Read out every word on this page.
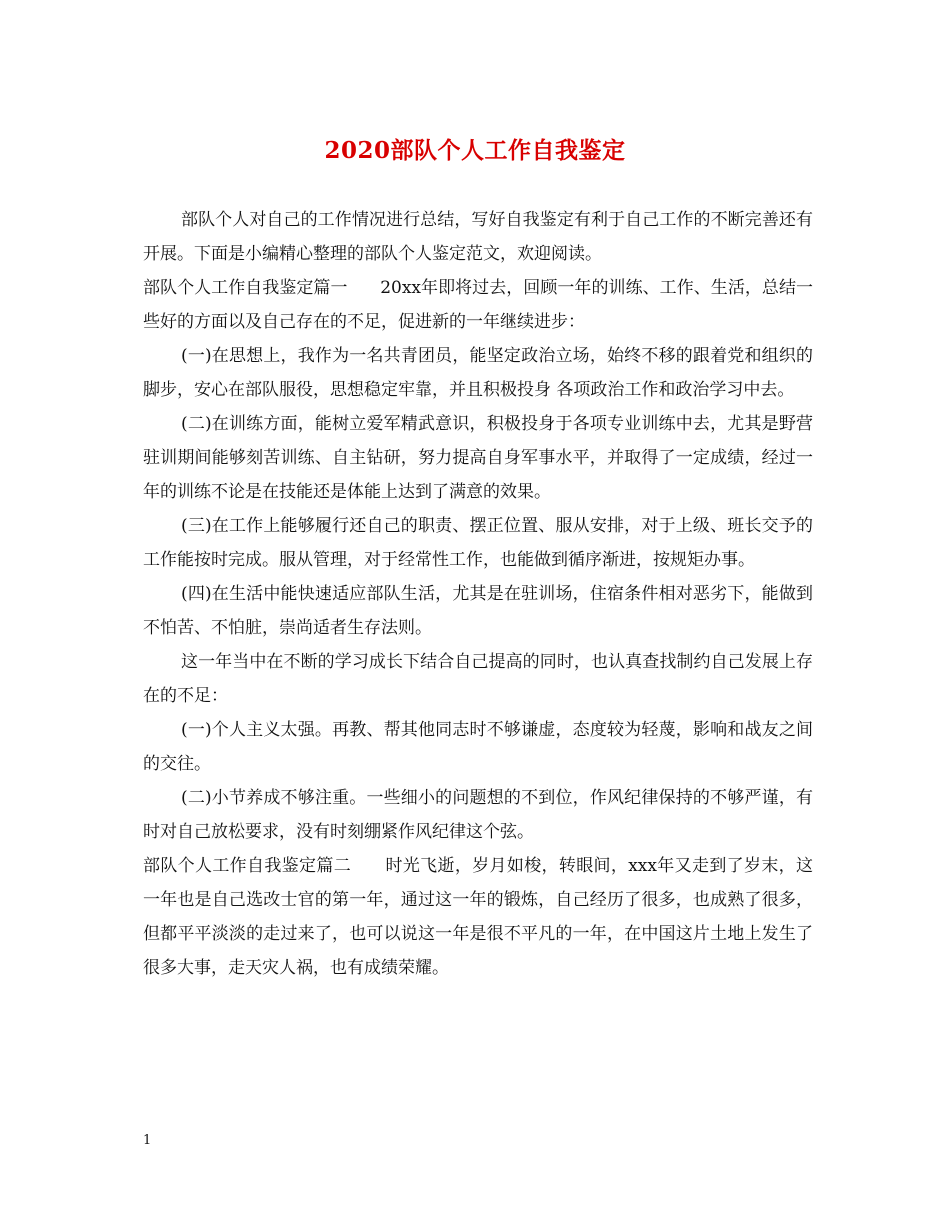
2020部队个人工作自我鉴定

部队个人对自己的工作情况进行总结，写好自我鉴定有利于自己工作的不断完善还有开展。下面是小编精心整理的部队个人鉴定范文，欢迎阅读。

部队个人工作自我鉴定篇一 20xx年即将过去，回顾一年的训练、工作、生活，总结一些好的方面以及自己存在的不足，促进新的一年继续进步：

(一)在思想上，我作为一名共青团员，能坚定政治立场，始终不移的跟着党和组织的脚步，安心在部队服役，思想稳定牢靠，并且积极投身 各项政治工作和政治学习中去。

(二)在训练方面，能树立爱军精武意识，积极投身于各项专业训练中去，尤其是野营驻训期间能够刻苦训练、自主钻研，努力提高自身军事水平，并取得了一定成绩，经过一年的训练不论是在技能还是体能上达到了满意的效果。

(三)在工作上能够履行还自己的职责、摆正位置、服从安排，对于上级、班长交予的工作能按时完成。服从管理，对于经常性工作，也能做到循序渐进，按规矩办事。

(四)在生活中能快速适应部队生活，尤其是在驻训场，住宿条件相对恶劣下，能做到不怕苦、不怕脏，崇尚适者生存法则。

这一年当中在不断的学习成长下结合自己提高的同时，也认真查找制约自己发展上存在的不足：

(一)个人主义太强。再教、帮其他同志时不够谦虚，态度较为轻蔑，影响和战友之间的交往。

(二)小节养成不够注重。一些细小的问题想的不到位，作风纪律保持的不够严谨，有时对自己放松要求，没有时刻绷紧作风纪律这个弦。

部队个人工作自我鉴定篇二 时光飞逝，岁月如梭，转眼间，xxx年又走到了岁末，这一年也是自己选改士官的第一年，通过这一年的锻炼，自己经历了很多，也成熟了很多，但都平平淡淡的走过来了，也可以说这一年是很不平凡的一年，在中国这片土地上发生了很多大事，走天灾人祸，也有成绩荣耀。

1
